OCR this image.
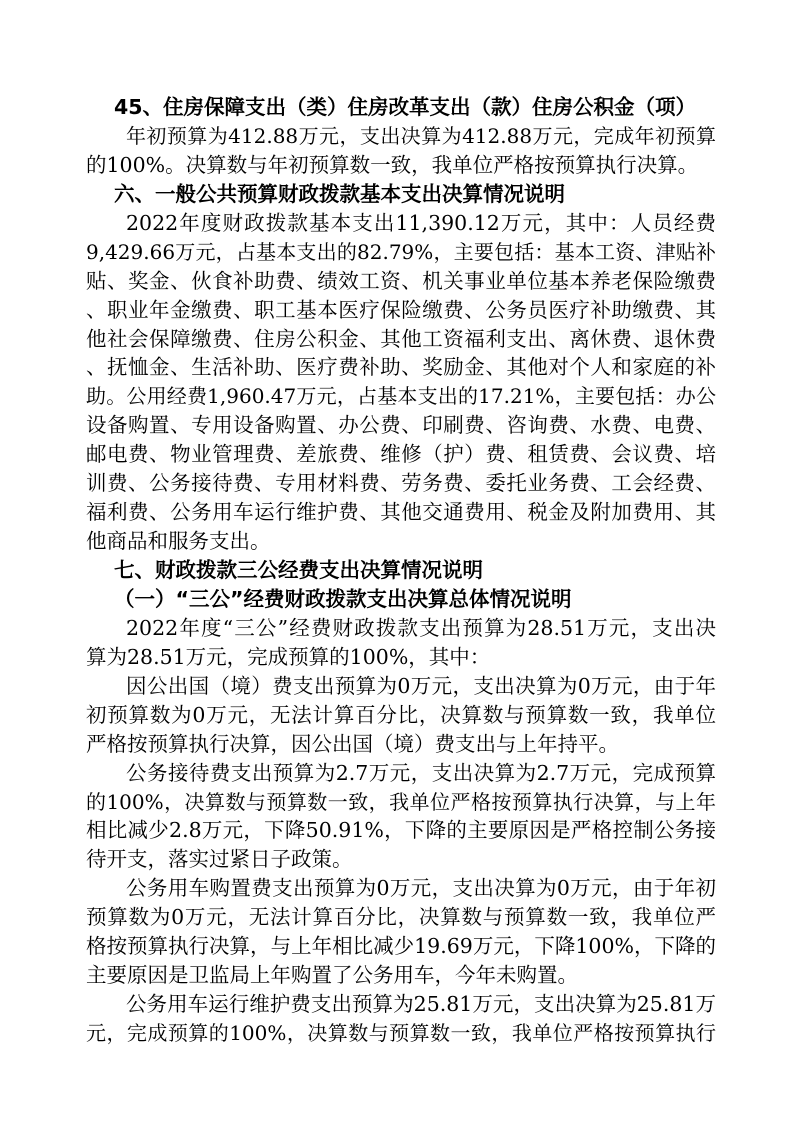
45、住房保障支出（类）住房改革支出（款）住房公积金（项）
年初预算为412.88万元，支出决算为412.88万元，完成年初预算
的100%。决算数与年初预算数一致，我单位严格按预算执行决算。
六、一般公共预算财政拨款基本支出决算情况说明
2022年度财政拨款基本支出11,390.12万元，其中：人员经费
9,429.66万元，占基本支出的82.79%，主要包括：基本工资、津贴补
贴、奖金、伙食补助费、绩效工资、机关事业单位基本养老保险缴费
、职业年金缴费、职工基本医疗保险缴费、公务员医疗补助缴费、其
他社会保障缴费、住房公积金、其他工资福利支出、离休费、退休费
、抚恤金、生活补助、医疗费补助、奖励金、其他对个人和家庭的补
助。公用经费1,960.47万元，占基本支出的17.21%，主要包括：办公
设备购置、专用设备购置、办公费、印刷费、咨询费、水费、电费、
邮电费、物业管理费、差旅费、维修（护）费、租赁费、会议费、培
训费、公务接待费、专用材料费、劳务费、委托业务费、工会经费、
福利费、公务用车运行维护费、其他交通费用、税金及附加费用、其
他商品和服务支出。
七、财政拨款三公经费支出决算情况说明
（一）“三公”经费财政拨款支出决算总体情况说明
2022年度“三公”经费财政拨款支出预算为28.51万元，支出决
算为28.51万元，完成预算的100%，其中：
因公出国（境）费支出预算为0万元，支出决算为0万元，由于年
初预算数为0万元，无法计算百分比，决算数与预算数一致，我单位
严格按预算执行决算，因公出国（境）费支出与上年持平。
公务接待费支出预算为2.7万元，支出决算为2.7万元，完成预算
的100%，决算数与预算数一致，我单位严格按预算执行决算，与上年
相比减少2.8万元，下降50.91%，下降的主要原因是严格控制公务接
待开支，落实过紧日子政策。
公务用车购置费支出预算为0万元，支出决算为0万元，由于年初
预算数为0万元，无法计算百分比，决算数与预算数一致，我单位严
格按预算执行决算，与上年相比减少19.69万元，下降100%，下降的
主要原因是卫监局上年购置了公务用车，今年未购置。
公务用车运行维护费支出预算为25.81万元，支出决算为25.81万
元，完成预算的100%，决算数与预算数一致，我单位严格按预算执行
